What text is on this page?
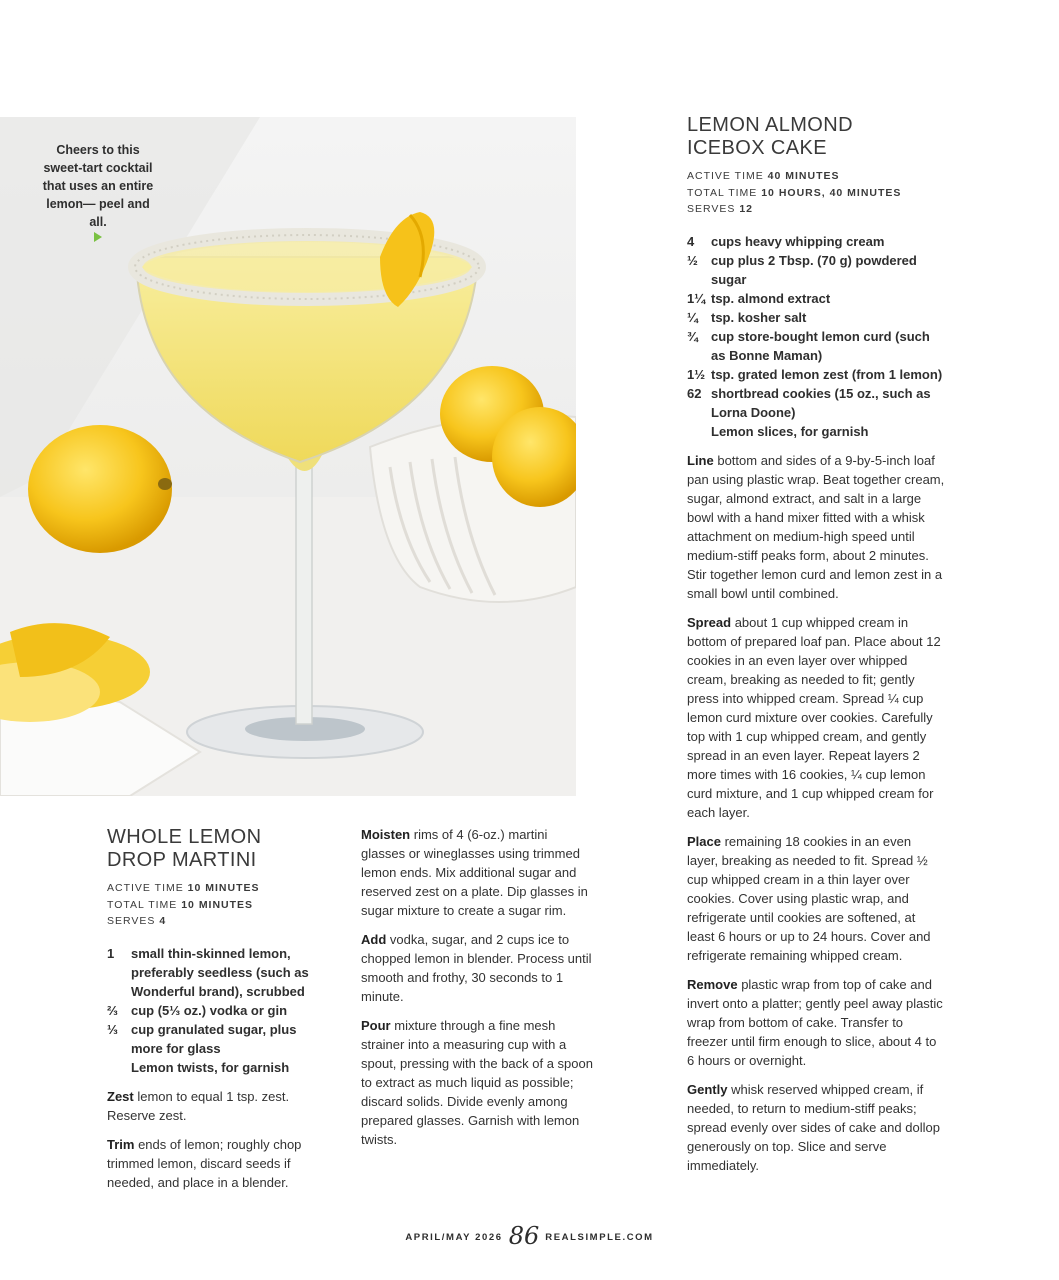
Cheers to this sweet-tart cocktail that uses an entire lemon— peel and all.
LEMON ALMOND
ICEBOX CAKE
ACTIVE TIME 40 MINUTES
TOTAL TIME 10 HOURS, 40 MINUTES
SERVES 12
4	cups heavy whipping cream
½	cup plus 2 Tbsp. (70 g) powdered sugar
1¼ tsp. almond extract
¼	tsp. kosher salt
¾	cup store-bought lemon curd (such as Bonne Maman)
1½ tsp. grated lemon zest (from 1 lemon)
62 shortbread cookies (15 oz., such as Lorna Doone)
Lemon slices, for garnish

Line bottom and sides of a 9-by-5-inch loaf pan using plastic wrap. Beat together cream, sugar, almond extract, and salt in a large bowl with a hand mixer fitted with a whisk attachment on medium-high speed until medium-stiff peaks form, about 2 minutes. Stir together lemon curd and lemon zest in a small bowl until combined.

Spread about 1 cup whipped cream in bottom of prepared loaf pan. Place about 12 cookies in an even layer over whipped cream, breaking as needed to fit; gently press into whipped cream. Spread ¼ cup lemon curd mixture over cookies. Carefully top with 1 cup whipped cream, and gently spread in an even layer. Repeat layers 2 more times with 16 cookies, ¼ cup lemon curd mixture, and 1 cup whipped cream for each layer.

Place remaining 18 cookies in an even layer, breaking as needed to fit. Spread ½ cup whipped cream in a thin layer over cookies. Cover using plastic wrap, and refrigerate until cookies are softened, at least 6 hours or up to 24 hours. Cover and refrigerate remaining whipped cream.

Remove plastic wrap from top of cake and invert onto a platter; gently peel away plastic wrap from bottom of cake. Transfer to freezer until firm enough to slice, about 4 to 6 hours or overnight.

Gently whisk reserved whipped cream, if needed, to return to medium-stiff peaks; spread evenly over sides of cake and dollop generously on top. Slice and serve immediately.

WHOLE LEMON
DROP MARTINI
ACTIVE TIME 10 MINUTES
TOTAL TIME 10 MINUTES
SERVES 4
1	small thin-skinned lemon, preferably seedless (such as Wonderful brand), scrubbed
⅔	cup (5⅓ oz.) vodka or gin
⅓	cup granulated sugar, plus more for glass
Lemon twists, for garnish

Zest lemon to equal 1 tsp. zest. Reserve zest.

Trim ends of lemon; roughly chop trimmed lemon, discard seeds if needed, and place in a blender.

Moisten rims of 4 (6-oz.) martini glasses or wineglasses using trimmed lemon ends. Mix additional sugar and reserved zest on a plate. Dip glasses in sugar mixture to create a sugar rim.

Add vodka, sugar, and 2 cups ice to chopped lemon in blender. Process until smooth and frothy, 30 seconds to 1 minute.

Pour mixture through a fine mesh strainer into a measuring cup with a spout, pressing with the back of a spoon to extract as much liquid as possible; discard solids. Divide evenly among prepared glasses. Garnish with lemon twists.

APRIL/MAY 2026 86 REALSIMPLE.COM
